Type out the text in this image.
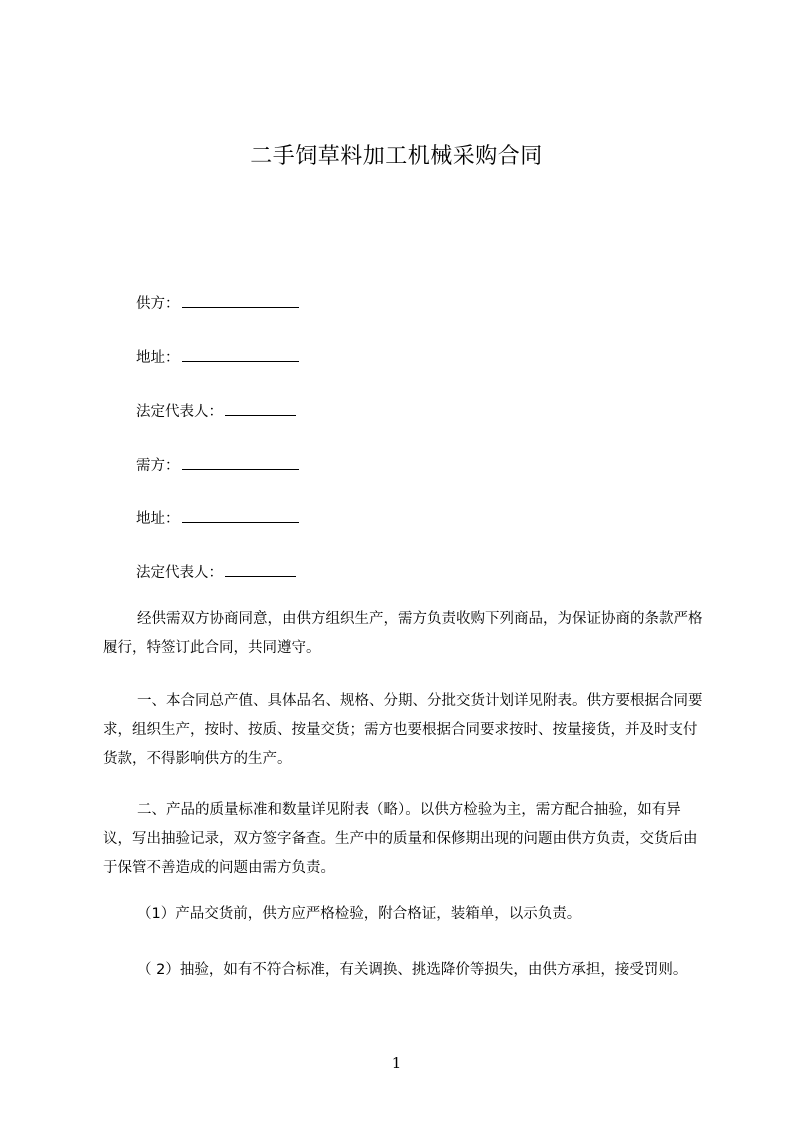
二手饲草料加工机械采购合同
供方：
地址：
法定代表人：
需方：
地址：
法定代表人：

经供需双方协商同意，由供方组织生产，需方负责收购下列商品，为保证协商的条款严格履行，特签订此合同，共同遵守。

一、本合同总产值、具体品名、规格、分期、分批交货计划详见附表。供方要根据合同要求，组织生产，按时、按质、按量交货；需方也要根据合同要求按时、按量接货，并及时支付货款，不得影响供方的生产。

二、产品的质量标准和数量详见附表（略）。以供方检验为主，需方配合抽验，如有异议，写出抽验记录，双方签字备查。生产中的质量和保修期出现的问题由供方负责，交货后由于保管不善造成的问题由需方负责。

（1）产品交货前，供方应严格检验，附合格证，装箱单，以示负责。

（ 2）抽验，如有不符合标准，有关调换、挑选降价等损失，由供方承担，接受罚则。

1
